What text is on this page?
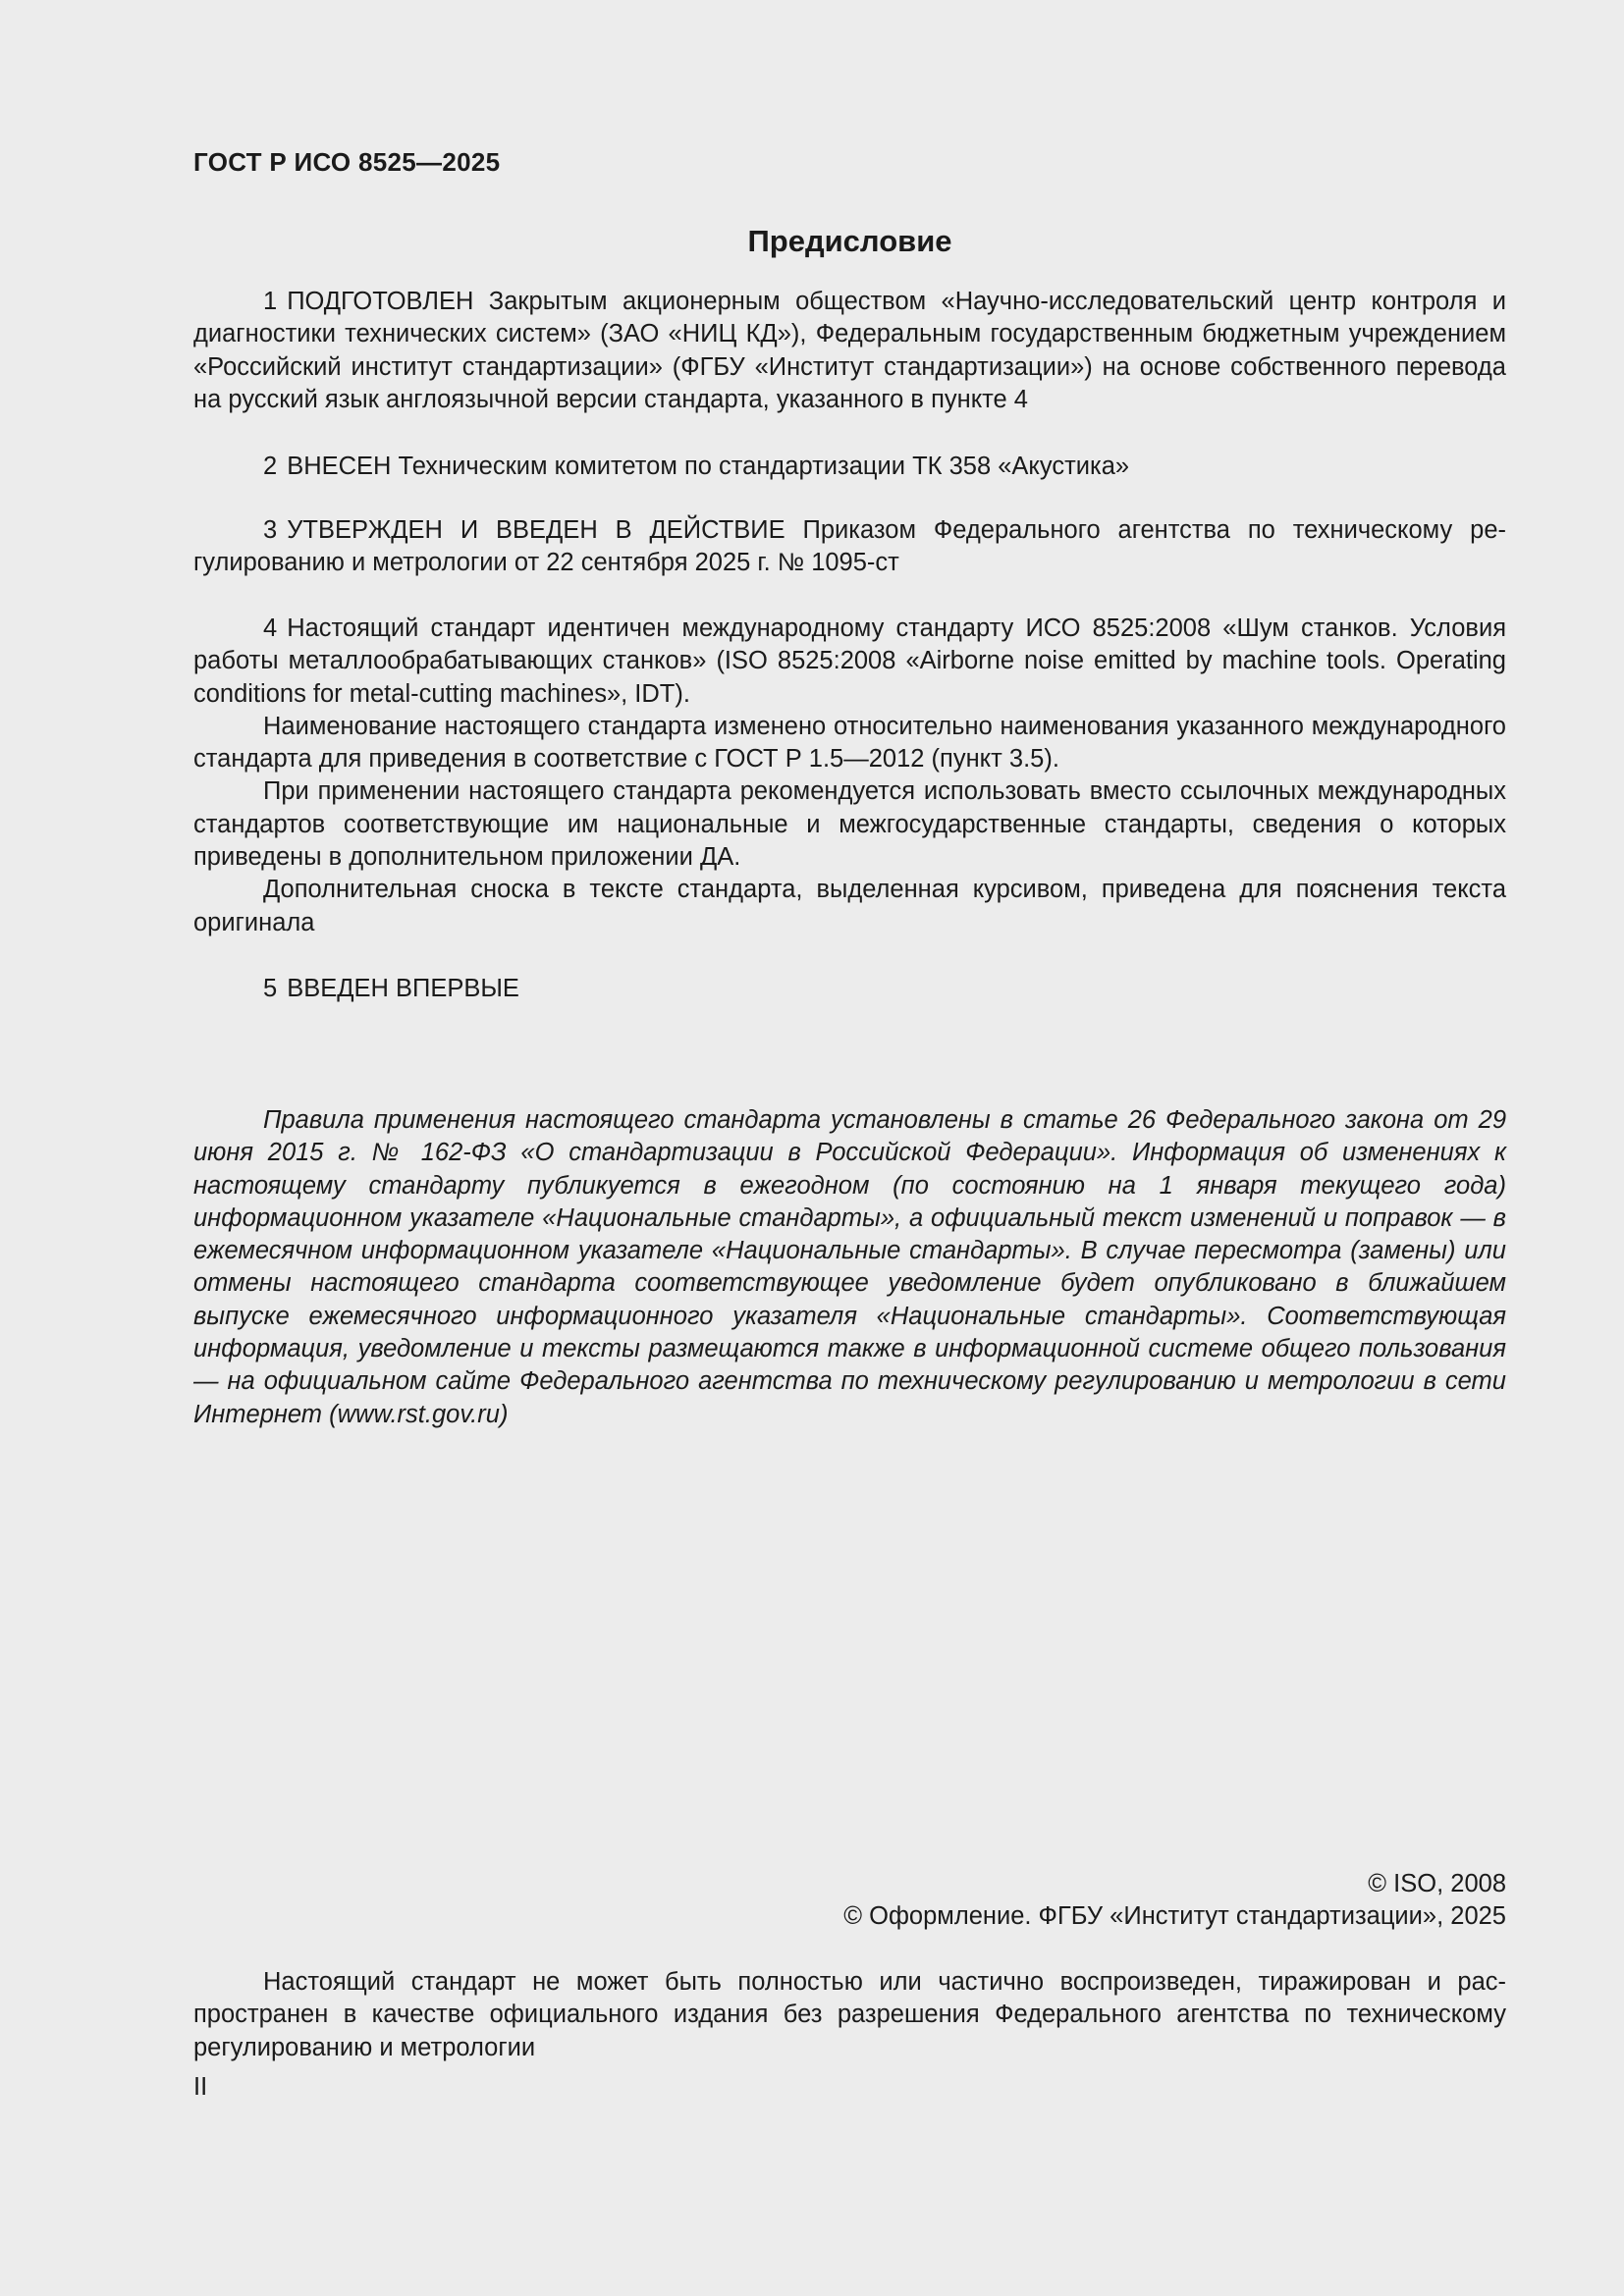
ГОСТ Р ИСО 8525—2025
Предисловие

1 ПОДГОТОВЛЕН Закрытым акционерным обществом «Научно-исследовательский центр контроля и диагностики технических систем» (ЗАО «НИЦ КД»), Федеральным государственным бюджетным учреждением «Российский институт стандартизации» (ФГБУ «Институт стандартизации») на основе собственного перевода на русский язык англоязычной версии стандарта, указанного в пункте 4

2 ВНЕСЕН Техническим комитетом по стандартизации ТК 358 «Акустика»

3 УТВЕРЖДЕН И ВВЕДЕН В ДЕЙСТВИЕ Приказом Федерального агентства по техническому регулированию и метрологии от 22 сентября 2025 г. № 1095-ст

4 Настоящий стандарт идентичен международному стандарту ИСО 8525:2008 «Шум станков. Условия работы металлообрабатывающих станков» (ISO 8525:2008 «Airborne noise emitted by machine tools. Operating conditions for metal-cutting machines», IDT).

Наименование настоящего стандарта изменено относительно наименования указанного международного стандарта для приведения в соответствие с ГОСТ Р 1.5—2012 (пункт 3.5).

При применении настоящего стандарта рекомендуется использовать вместо ссылочных международных стандартов соответствующие им национальные и межгосударственные стандарты, сведения о которых приведены в дополнительном приложении ДА.

Дополнительная сноска в тексте стандарта, выделенная курсивом, приведена для пояснения текста оригинала

5 ВВЕДЕН ВПЕРВЫЕ

Правила применения настоящего стандарта установлены в статье 26 Федерального закона от 29 июня 2015 г. № 162-ФЗ «О стандартизации в Российской Федерации». Информация об изменениях к настоящему стандарту публикуется в ежегодном (по состоянию на 1 января текущего года) информационном указателе «Национальные стандарты», а официальный текст изменений и поправок — в ежемесячном информационном указателе «Национальные стандарты». В случае пересмотра (замены) или отмены настоящего стандарта соответствующее уведомление будет опубликовано в ближайшем выпуске ежемесячного информационного указателя «Национальные стандарты». Соответствующая информация, уведомление и тексты размещаются также в информационной системе общего пользования — на официальном сайте Федерального агентства по техническому регулированию и метрологии в сети Интернет (www.rst.gov.ru)

© ISO, 2008
© Оформление. ФГБУ «Институт стандартизации», 2025

Настоящий стандарт не может быть полностью или частично воспроизведен, тиражирован и распространен в качестве официального издания без разрешения Федерального агентства по техническому регулированию и метрологии

II
